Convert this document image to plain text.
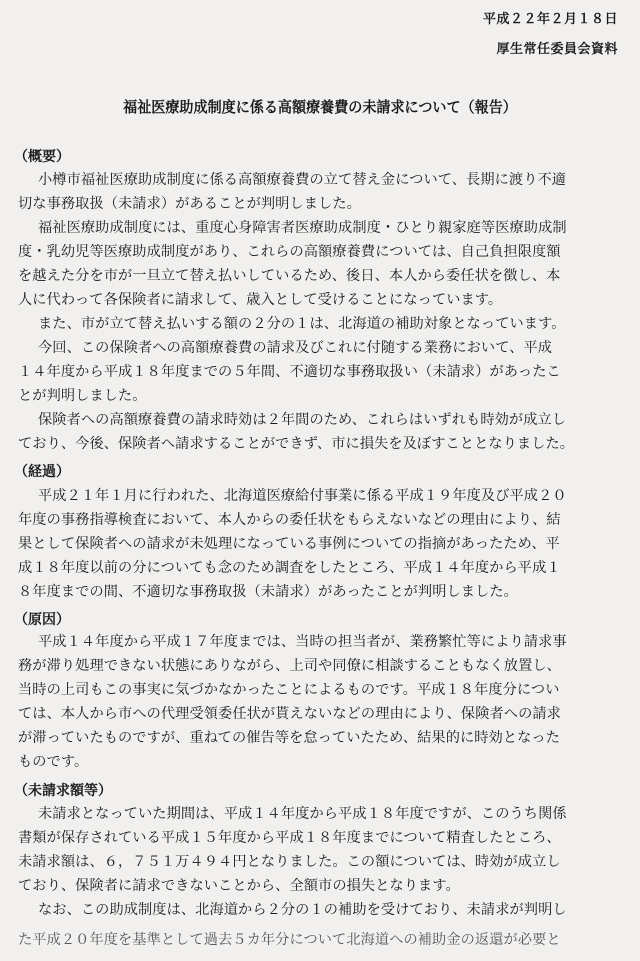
平成２２年２月１８日
厚生常任委員会資料
福祉医療助成制度に係る高額療養費の未請求について（報告）
（概要）
小樽市福祉医療助成制度に係る高額療養費の立て替え金について、長期に渡り不適
切な事務取扱（未請求）があることが判明しました。
福祉医療助成制度には、重度心身障害者医療助成制度・ひとり親家庭等医療助成制
度・乳幼児等医療助成制度があり、これらの高額療養費については、自己負担限度額
を越えた分を市が一旦立て替え払いしているため、後日、本人から委任状を徴し、本
人に代わって各保険者に請求して、歳入として受けることになっています。
また、市が立て替え払いする額の２分の１は、北海道の補助対象となっています。
今回、この保険者への高額療養費の請求及びこれに付随する業務において、平成
１４年度から平成１８年度までの５年間、不適切な事務取扱い（未請求）があったこ
とが判明しました。
保険者への高額療養費の請求時効は２年間のため、これらはいずれも時効が成立し
ており、今後、保険者へ請求することができず、市に損失を及ぼすこととなりました。
（経過）
平成２１年１月に行われた、北海道医療給付事業に係る平成１９年度及び平成２０
年度の事務指導検査において、本人からの委任状をもらえないなどの理由により、結
果として保険者への請求が未処理になっている事例についての指摘があったため、平
成１８年度以前の分についても念のため調査をしたところ、平成１４年度から平成１
８年度までの間、不適切な事務取扱（未請求）があったことが判明しました。
（原因）
平成１４年度から平成１７年度までは、当時の担当者が、業務繁忙等により請求事
務が滞り処理できない状態にありながら、上司や同僚に相談することもなく放置し、
当時の上司もこの事実に気づかなかったことによるものです。平成１８年度分につい
ては、本人から市への代理受領委任状が貰えないなどの理由により、保険者への請求
が滞っていたものですが、重ねての催告等を怠っていたため、結果的に時効となった
ものです。
（未請求額等）
未請求となっていた期間は、平成１４年度から平成１８年度ですが、このうち関係
書類が保存されている平成１５年度から平成１８年度までについて精査したところ、
未請求額は、６，７５１万４９４円となりました。この額については、時効が成立し
ており、保険者に請求できないことから、全額市の損失となります。
なお、この助成制度は、北海道から２分の１の補助を受けており、未請求が判明し
た平成２０年度を基準として過去５カ年分について北海道への補助金の返還が必要と
